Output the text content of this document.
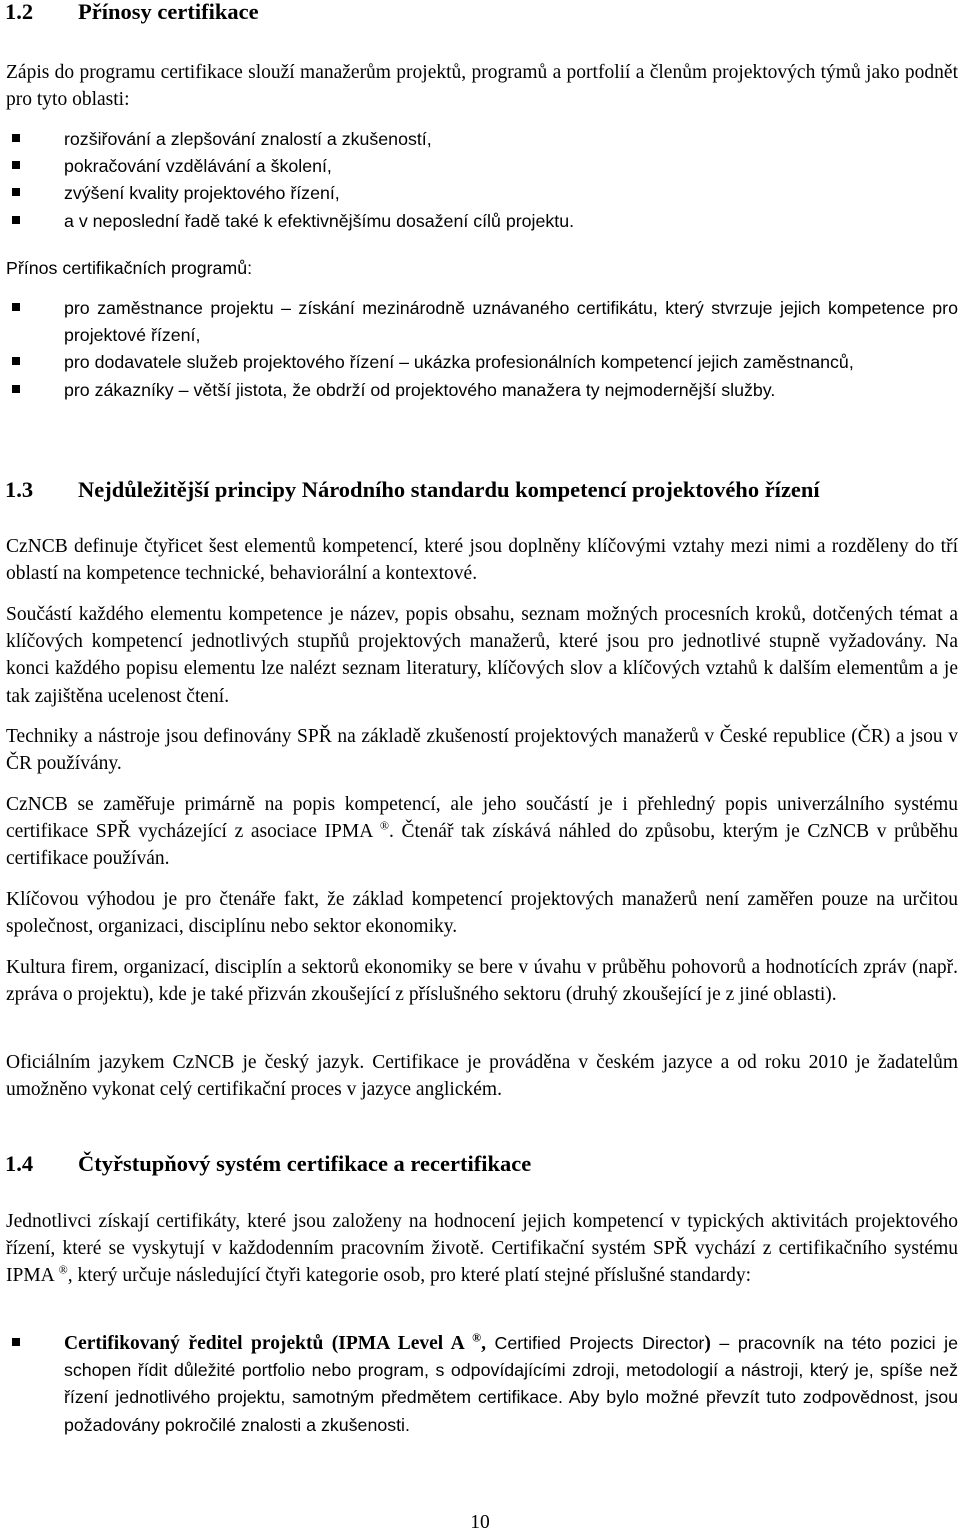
1.2 Přínosy certifikace

Zápis do programu certifikace slouží manažerům projektů, programů a portfolií a členům projektových týmů jako podnět pro tyto oblasti:

rozšiřování a zlepšování znalostí a zkušeností,
pokračování vzdělávání a školení,
zvýšení kvality projektového řízení,
a v neposlední řadě také k efektivnějšímu dosažení cílů projektu.

Přínos certifikačních programů:

pro zaměstnance projektu – získání mezinárodně uznávaného certifikátu, který stvrzuje jejich kompetence pro projektové řízení,
pro dodavatele služeb projektového řízení – ukázka profesionálních kompetencí jejich zaměstnanců,
pro zákazníky – větší jistota, že obdrží od projektového manažera ty nejmodernější služby.
1.3 Nejdůležitější principy Národního standardu kompetencí projektového řízení

CzNCB definuje čtyřicet šest elementů kompetencí, které jsou doplněny klíčovými vztahy mezi nimi a rozděleny do tří oblastí na kompetence technické, behaviorální a kontextové.

Součástí každého elementu kompetence je název, popis obsahu, seznam možných procesních kroků, dotčených témat a klíčových kompetencí jednotlivých stupňů projektových manažerů, které jsou pro jednotlivé stupně vyžadovány. Na konci každého popisu elementu lze nalézt seznam literatury, klíčových slov a klíčových vztahů k dalším elementům a je tak zajištěna ucelenost čtení.

Techniky a nástroje jsou definovány SPŘ na základě zkušeností projektových manažerů v České republice (ČR) a jsou v ČR používány.

CzNCB se zaměřuje primárně na popis kompetencí, ale jeho součástí je i přehledný popis univerzálního systému certifikace SPŘ vycházející z asociace IPMA ®. Čtenář tak získává náhled do způsobu, kterým je CzNCB v průběhu certifikace používán.

Klíčovou výhodou je pro čtenáře fakt, že základ kompetencí projektových manažerů není zaměřen pouze na určitou společnost, organizaci, disciplínu nebo sektor ekonomiky.

Kultura firem, organizací, disciplín a sektorů ekonomiky se bere v úvahu v průběhu pohovorů a hodnotících zpráv (např. zpráva o projektu), kde je také přizván zkoušející z příslušného sektoru (druhý zkoušející je z jiné oblasti).

Oficiálním jazykem CzNCB je český jazyk. Certifikace je prováděna v českém jazyce a od roku 2010 je žadatelům umožněno vykonat celý certifikační proces v jazyce anglickém.

1.4 Čtyřstupňový systém certifikace a recertifikace

Jednotlivci získají certifikáty, které jsou založeny na hodnocení jejich kompetencí v typických aktivitách projektového řízení, které se vyskytují v každodenním pracovním životě. Certifikační systém SPŘ vychází z certifikačního systému IPMA ®, který určuje následující čtyři kategorie osob, pro které platí stejné příslušné standardy:

Certifikovaný ředitel projektů (IPMA Level A ®, Certified Projects Director) – pracovník na této pozici je schopen řídit důležité portfolio nebo program, s odpovídajícími zdroji, metodologií a nástroji, který je, spíše než řízení jednotlivého projektu, samotným předmětem certifikace. Aby bylo možné převzít tuto zodpovědnost, jsou požadovány pokročilé znalosti a zkušenosti.
10
